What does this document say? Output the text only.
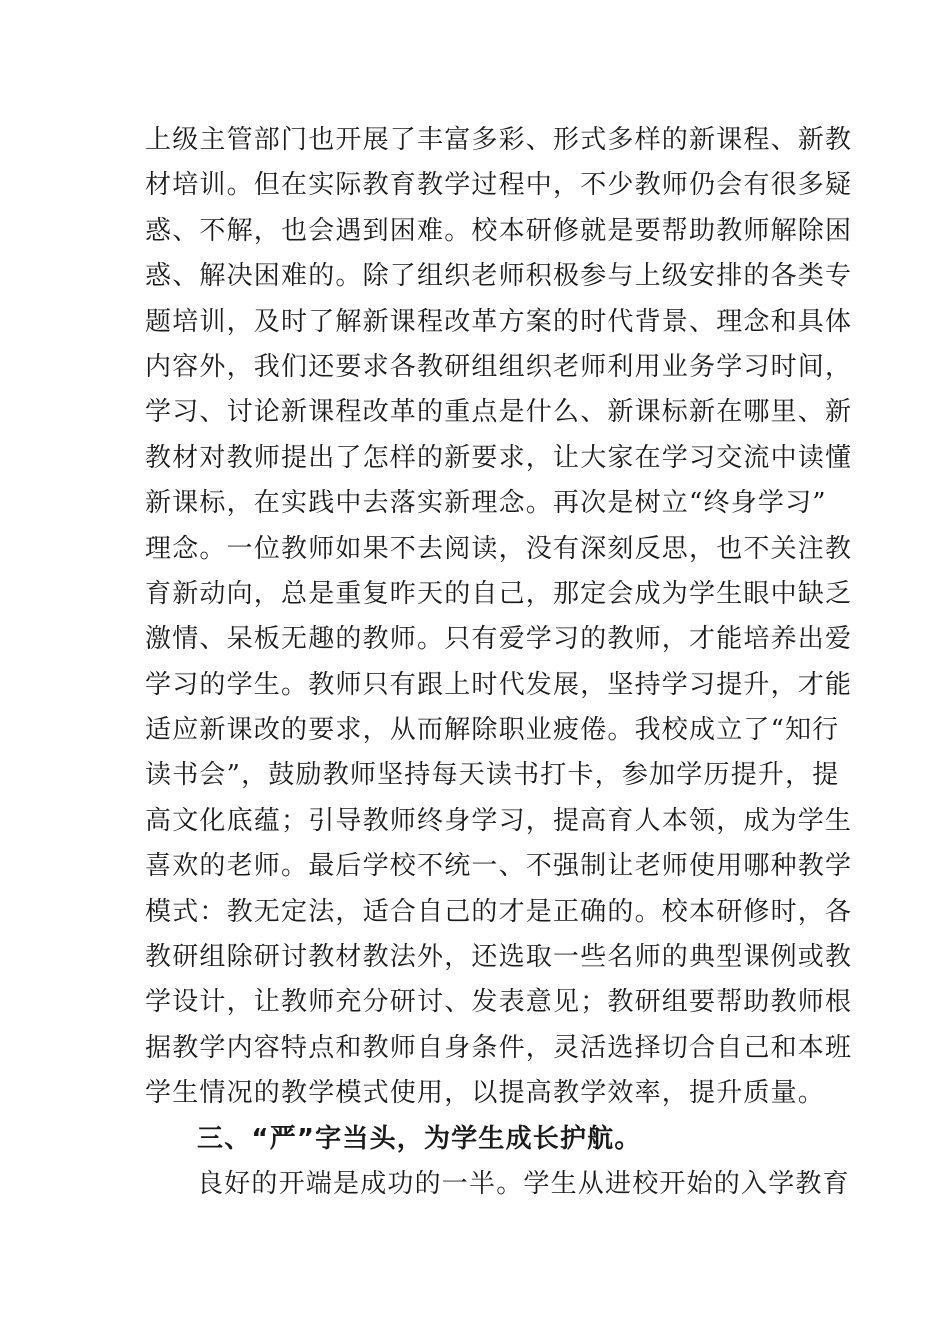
上级主管部门也开展了丰富多彩、形式多样的新课程、新教
材培训。但在实际教育教学过程中，不少教师仍会有很多疑
惑、不解，也会遇到困难。校本研修就是要帮助教师解除困
惑、解决困难的。除了组织老师积极参与上级安排的各类专
题培训，及时了解新课程改革方案的时代背景、理念和具体
内容外，我们还要求各教研组组织老师利用业务学习时间，
学习、讨论新课程改革的重点是什么、新课标新在哪里、新
教材对教师提出了怎样的新要求，让大家在学习交流中读懂
新课标，在实践中去落实新理念。再次是树立“终身学习”
理念。一位教师如果不去阅读，没有深刻反思，也不关注教
育新动向，总是重复昨天的自己，那定会成为学生眼中缺乏
激情、呆板无趣的教师。只有爱学习的教师，才能培养出爱
学习的学生。教师只有跟上时代发展，坚持学习提升，才能
适应新课改的要求，从而解除职业疲倦。我校成立了“知行
读书会”，鼓励教师坚持每天读书打卡，参加学历提升，提
高文化底蕴；引导教师终身学习，提高育人本领，成为学生
喜欢的老师。最后学校不统一、不强制让老师使用哪种教学
模式：教无定法，适合自己的才是正确的。校本研修时，各
教研组除研讨教材教法外，还选取一些名师的典型课例或教
学设计，让教师充分研讨、发表意见；教研组要帮助教师根
据教学内容特点和教师自身条件，灵活选择切合自己和本班
学生情况的教学模式使用，以提高教学效率，提升质量。
三、“严”字当头，为学生成长护航。
良好的开端是成功的一半。学生从进校开始的入学教育
